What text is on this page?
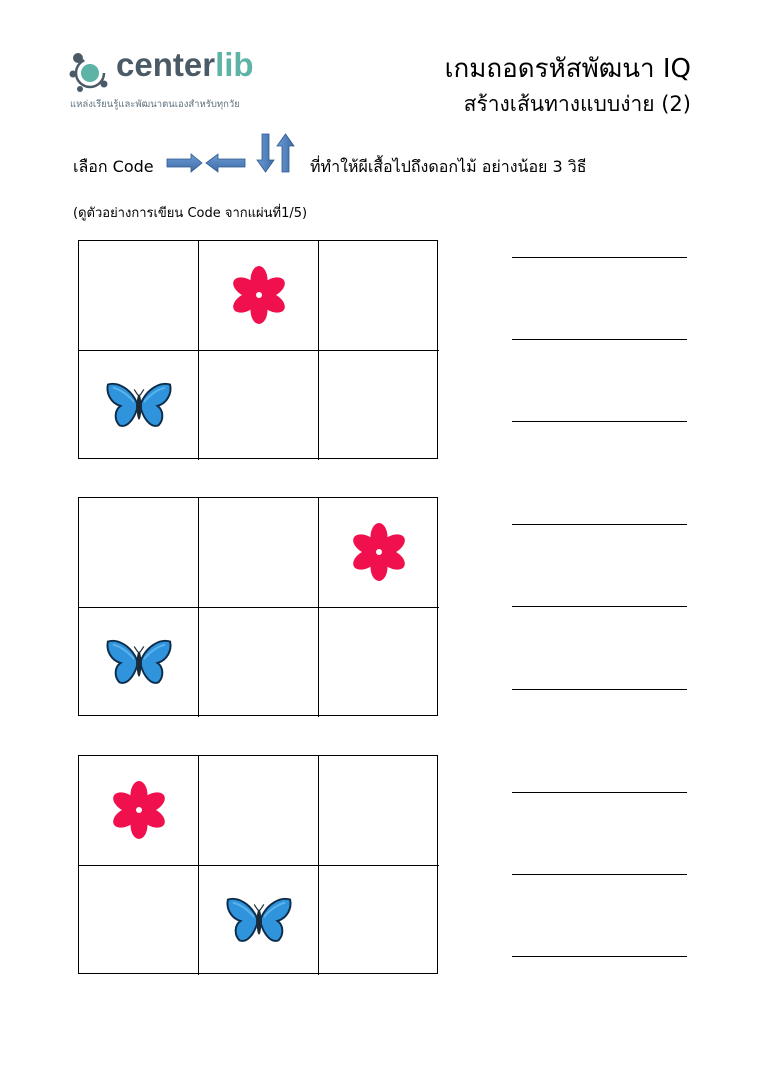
centerlib
แหล่งเรียนรู้และพัฒนาตนเองสำหรับทุกวัย
เกมถอดรหัสพัฒนา IQ
สร้างเส้นทางแบบง่าย (2)
เลือก Code	ที่ทำให้ผีเสื้อไปถึงดอกไม้ อย่างน้อย 3 วิธี
(ดูตัวอย่างการเขียน Code จากแผ่นที่1/5)
